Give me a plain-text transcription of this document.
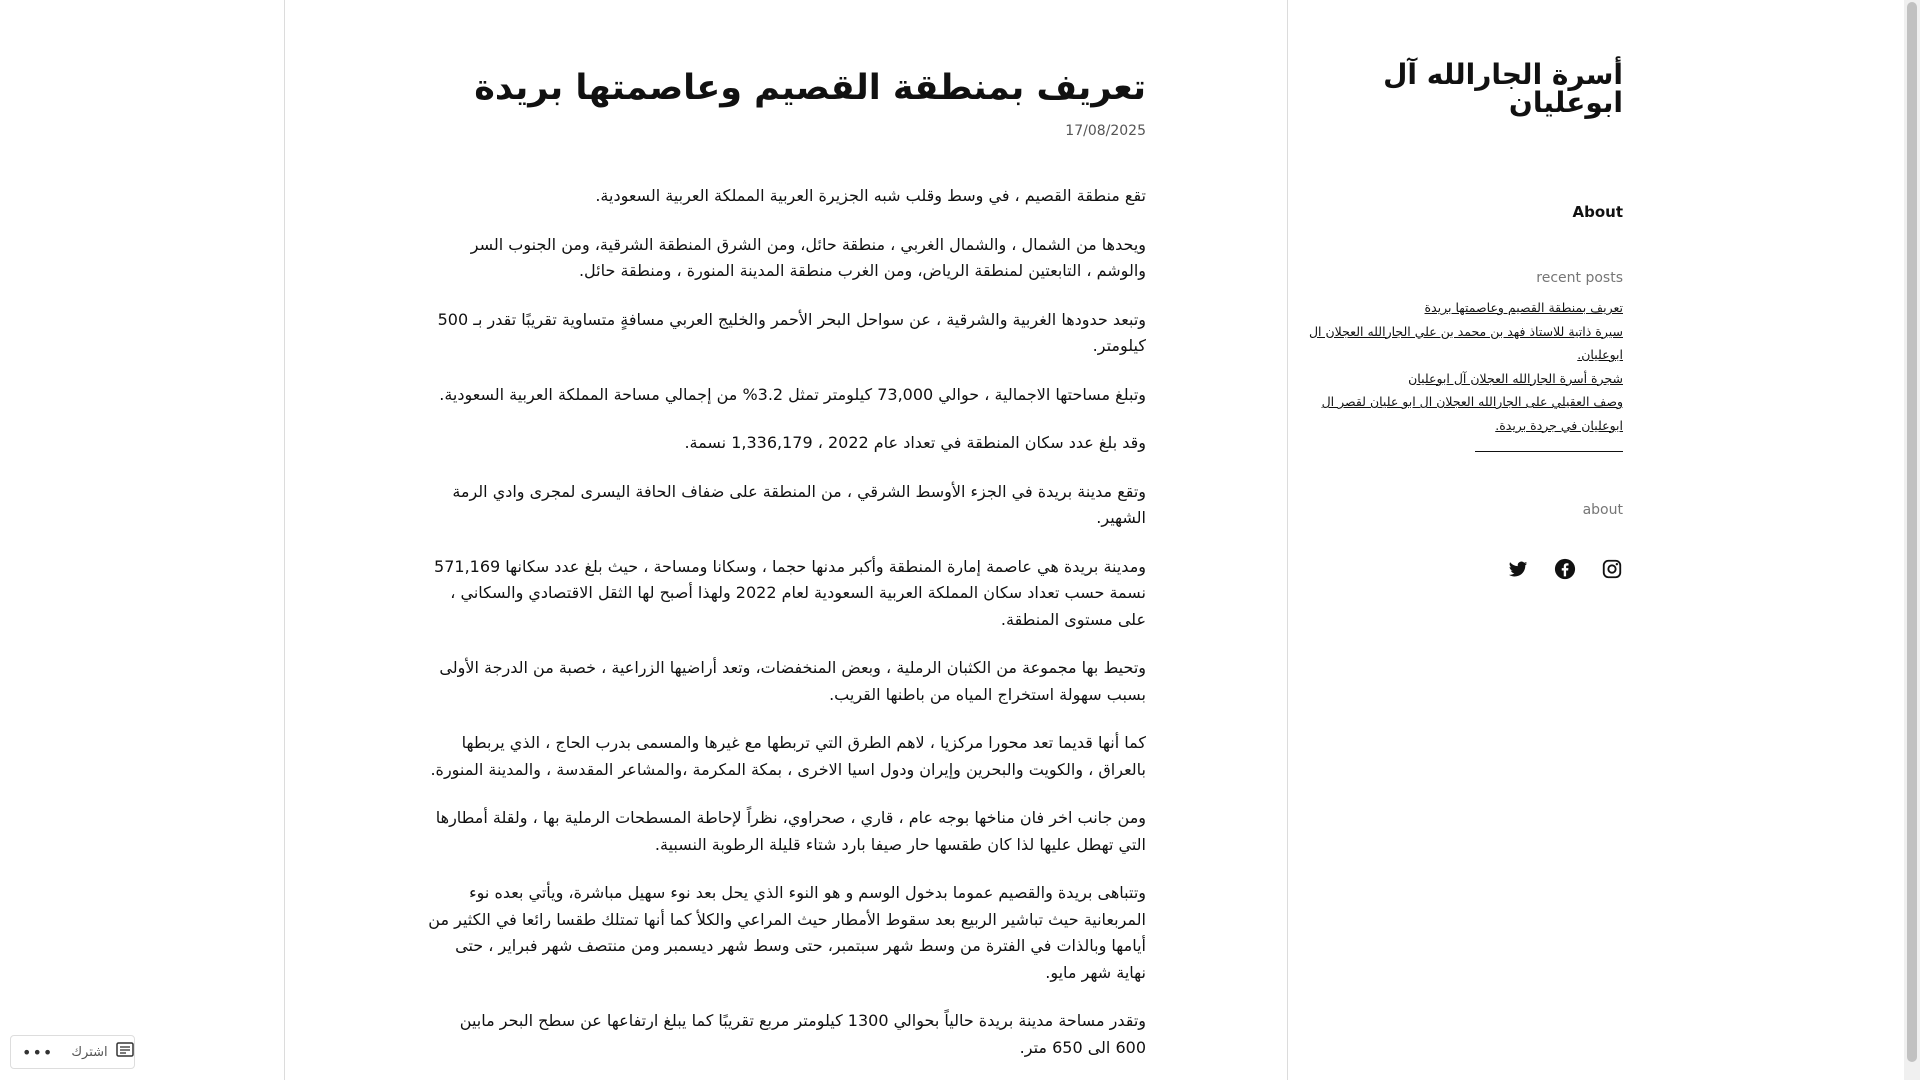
تعريف بمنطقة القصيم وعاصمتها بريدة
17/08/2025

تقع منطقة القصيم ، في وسط وقلب شبه الجزيرة العربية المملكة العربية السعودية.

ويحدها من الشمال ، والشمال الغربي ، منطقة حائل، ومن الشرق المنطقة الشرقية، ومن الجنوب السر والوشم ، التابعتين لمنطقة الرياض، ومن الغرب منطقة المدينة المنورة ، ومنطقة حائل.

وتبعد حدودها الغربية والشرقية ، عن سواحل البحر الأحمر والخليج العربي مسافةٍ متساوية تقريبًا تقدر بـ 500 كيلومتر.

وتبلغ مساحتها الاجمالية ، حوالي 73,000 كيلومتر تمثل 3.2% من إجمالي مساحة المملكة العربية السعودية.

وقد بلغ عدد سكان المنطقة في تعداد عام 2022 ، 1,336,179 نسمة.

وتقع مدينة بريدة في الجزء الأوسط الشرقي ، من المنطقة على ضفاف الحافة اليسرى لمجرى وادي الرمة الشهير.

ومدينة بريدة هي عاصمة إمارة المنطقة وأكبر مدنها حجما ، وسكانا ومساحة ، حيث بلغ عدد سكانها 571,169 نسمة حسب تعداد سكان المملكة العربية السعودية لعام 2022 ولهذا أصبح لها الثقل الاقتصادي والسكاني ، على مستوى المنطقة.

وتحيط بها مجموعة من الكثبان الرملية ، وبعض المنخفضات، وتعد أراضيها الزراعية ، خصبة من الدرجة الأولى بسبب سهولة استخراج المياه من باطنها القريب.

كما أنها قديما تعد محورا مركزيا ، لاهم الطرق التي تربطها مع غيرها والمسمى بدرب الحاج ، الذي يربطها بالعراق ، والكويت والبحرين وإيران ودول اسيا الاخرى ، بمكة المكرمة ،والمشاعر المقدسة ، والمدينة المنورة.

ومن جانب اخر فان مناخها بوجه عام ، قاري ، صحراوي، نظراً لإحاطة المسطحات الرملية بها ، ولقلة أمطارها التي تهطل عليها لذا كان طقسها حار صيفا بارد شتاء قليلة الرطوبة النسبية.

وتتباهى بريدة والقصيم عموما بدخول الوسم و هو النوء الذي يحل بعد نوء سهيل مباشرة، ويأتي بعده نوء المربعانية حيث تباشير الربيع بعد سقوط الأمطار حيث المراعي والكلأ كما أنها تمتلك طقسا رائعا في الكثير من أيامها وبالذات في الفترة من وسط شهر سبتمبر، حتى وسط شهر ديسمبر ومن منتصف شهر فبراير ، حتى نهاية شهر مايو.

وتقدر مساحة مدينة بريدة حالياً بحوالي 1300 كيلومتر مربع تقريبًا كما يبلغ ارتفاعها عن سطح البحر مابين 600 الى 650 متر.

أسرة الجارالله آل ابوعليان
About
recent posts
تعريف بمنطقة القصيم وعاصمتها بريدة
سيرة ذاتية للاستاذ فهد بن محمد بن علي الجارالله العجلان ال ابوعليان.
شجرة أسرة الجارالله العجلان آل ابوعليان
وصف العقيلي على الجارالله العجلان ال ابو عليان لقصر ال ابوعليان في جردة بريدة.
about
••• اشترك
